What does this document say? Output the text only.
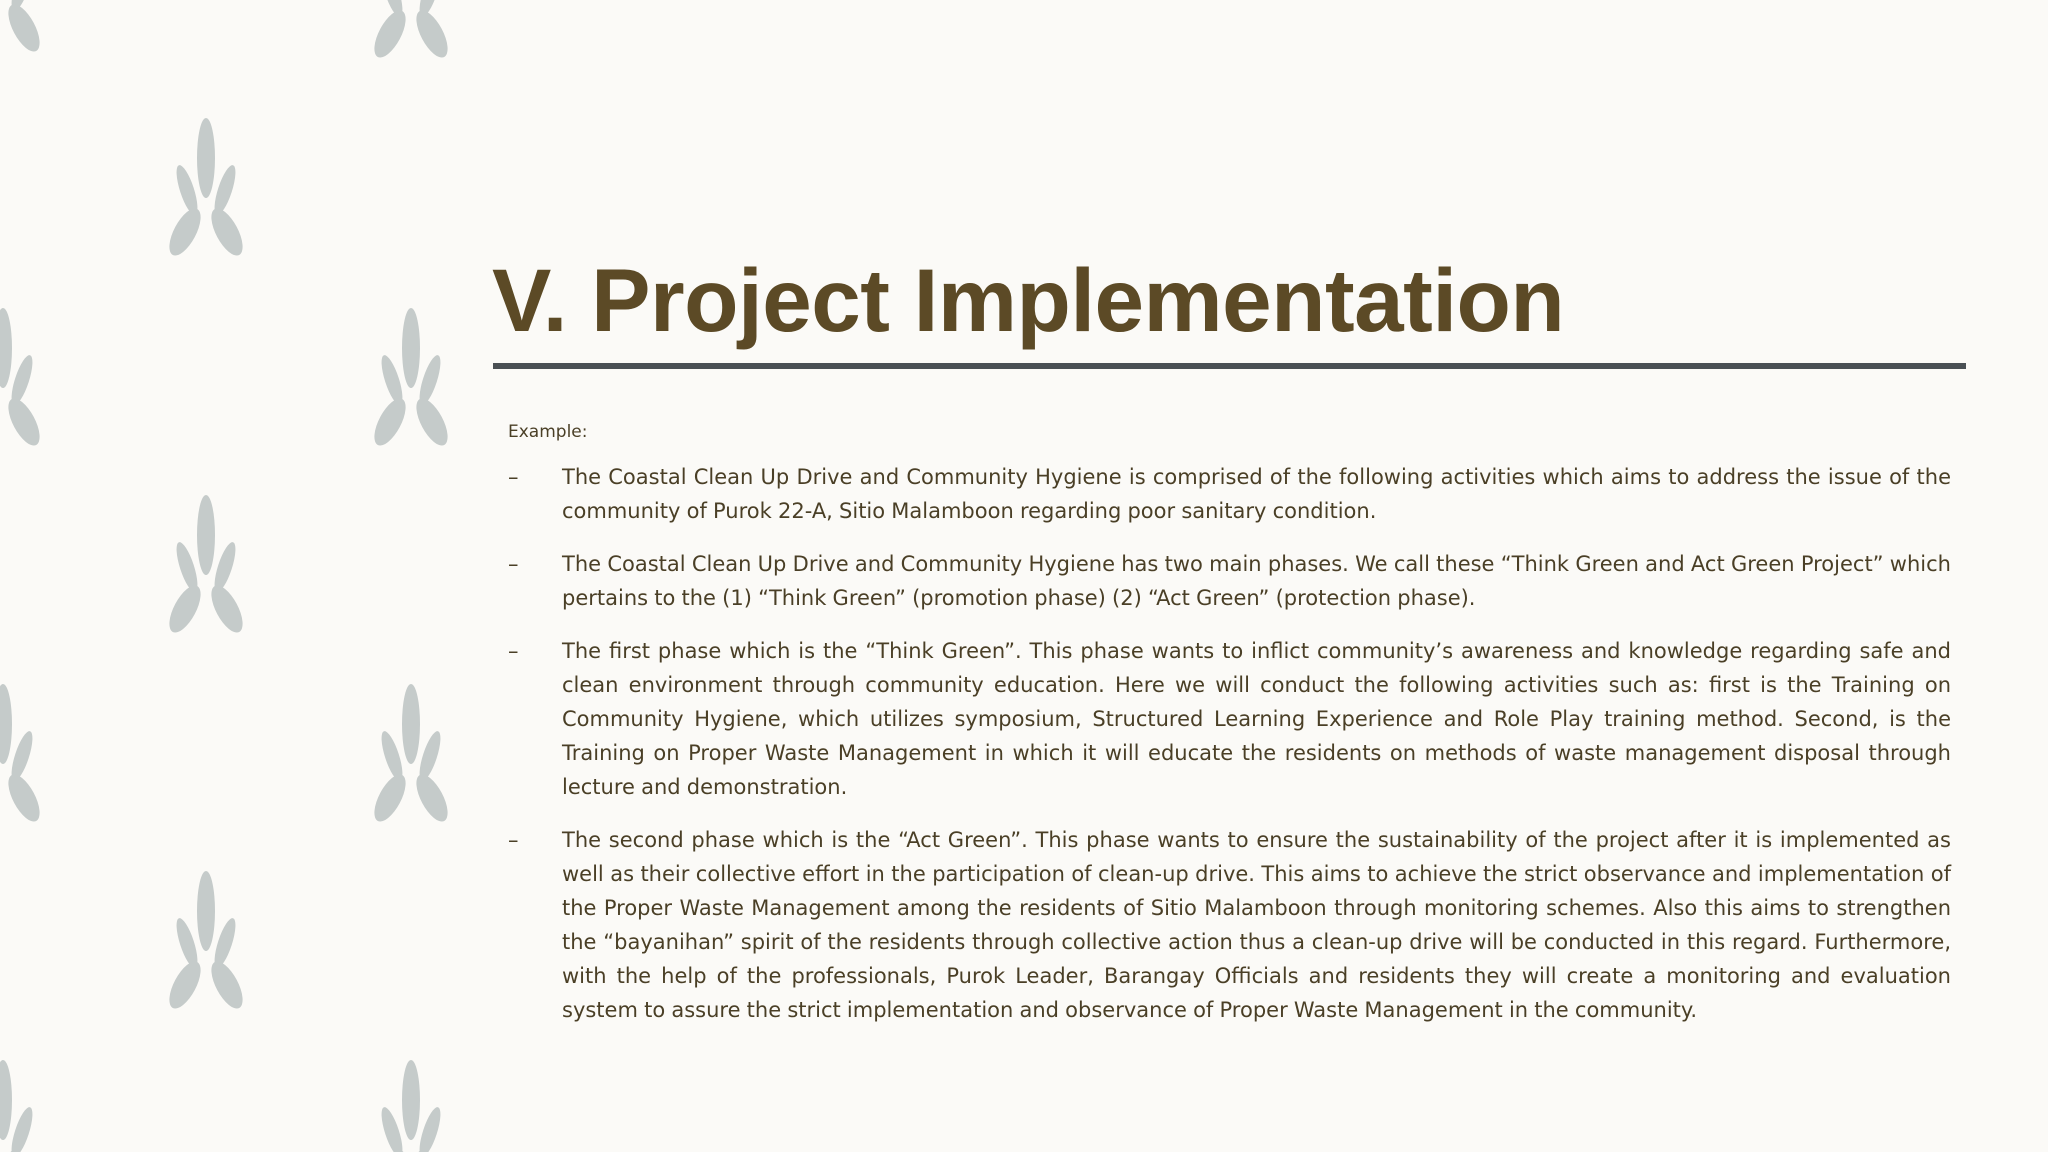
V. Project Implementation

Example:

– The Coastal Clean Up Drive and Community Hygiene is comprised of the following activities which aims to address the issue of the community of Purok 22-A, Sitio Malamboon regarding poor sanitary condition.

– The Coastal Clean Up Drive and Community Hygiene has two main phases. We call these “Think Green and Act Green Project” which pertains to the (1) “Think Green” (promotion phase) (2) “Act Green” (protection phase).

– The first phase which is the “Think Green”. This phase wants to inflict community’s awareness and knowledge regarding safe and clean environment through community education. Here we will conduct the following activities such as: first is the Training on Community Hygiene, which utilizes symposium, Structured Learning Experience and Role Play training method. Second, is the Training on Proper Waste Management in which it will educate the residents on methods of waste management disposal through lecture and demonstration.

– The second phase which is the “Act Green”. This phase wants to ensure the sustainability of the project after it is implemented as well as their collective effort in the participation of clean-up drive. This aims to achieve the strict observance and implementation of the Proper Waste Management among the residents of Sitio Malamboon through monitoring schemes. Also this aims to strengthen the “bayanihan” spirit of the residents through collective action thus a clean-up drive will be conducted in this regard. Furthermore, with the help of the professionals, Purok Leader, Barangay Officials and residents they will create a monitoring and evaluation system to assure the strict implementation and observance of Proper Waste Management in the community.
